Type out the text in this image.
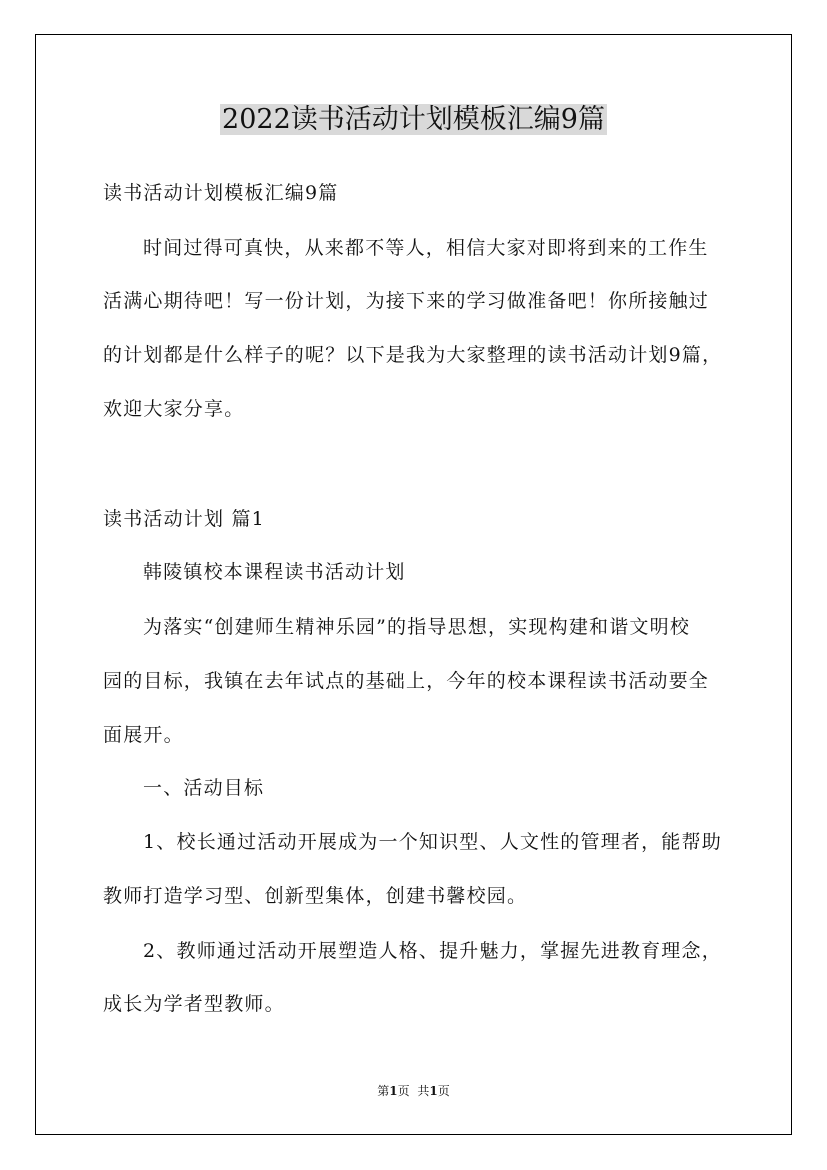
2022读书活动计划模板汇编9篇
读书活动计划模板汇编9篇
时间过得可真快，从来都不等人，相信大家对即将到来的工作生
活满心期待吧！写一份计划，为接下来的学习做准备吧！你所接触过
的计划都是什么样子的呢？以下是我为大家整理的读书活动计划9篇，
欢迎大家分享。
读书活动计划 篇1
韩陵镇校本课程读书活动计划
为落实“创建师生精神乐园”的指导思想，实现构建和谐文明校
园的目标，我镇在去年试点的基础上，今年的校本课程读书活动要全
面展开。
一、活动目标
1、校长通过活动开展成为一个知识型、人文性的管理者，能帮助
教师打造学习型、创新型集体，创建书馨校园。
2、教师通过活动开展塑造人格、提升魅力，掌握先进教育理念，
成长为学者型教师。
第1页 共1页
